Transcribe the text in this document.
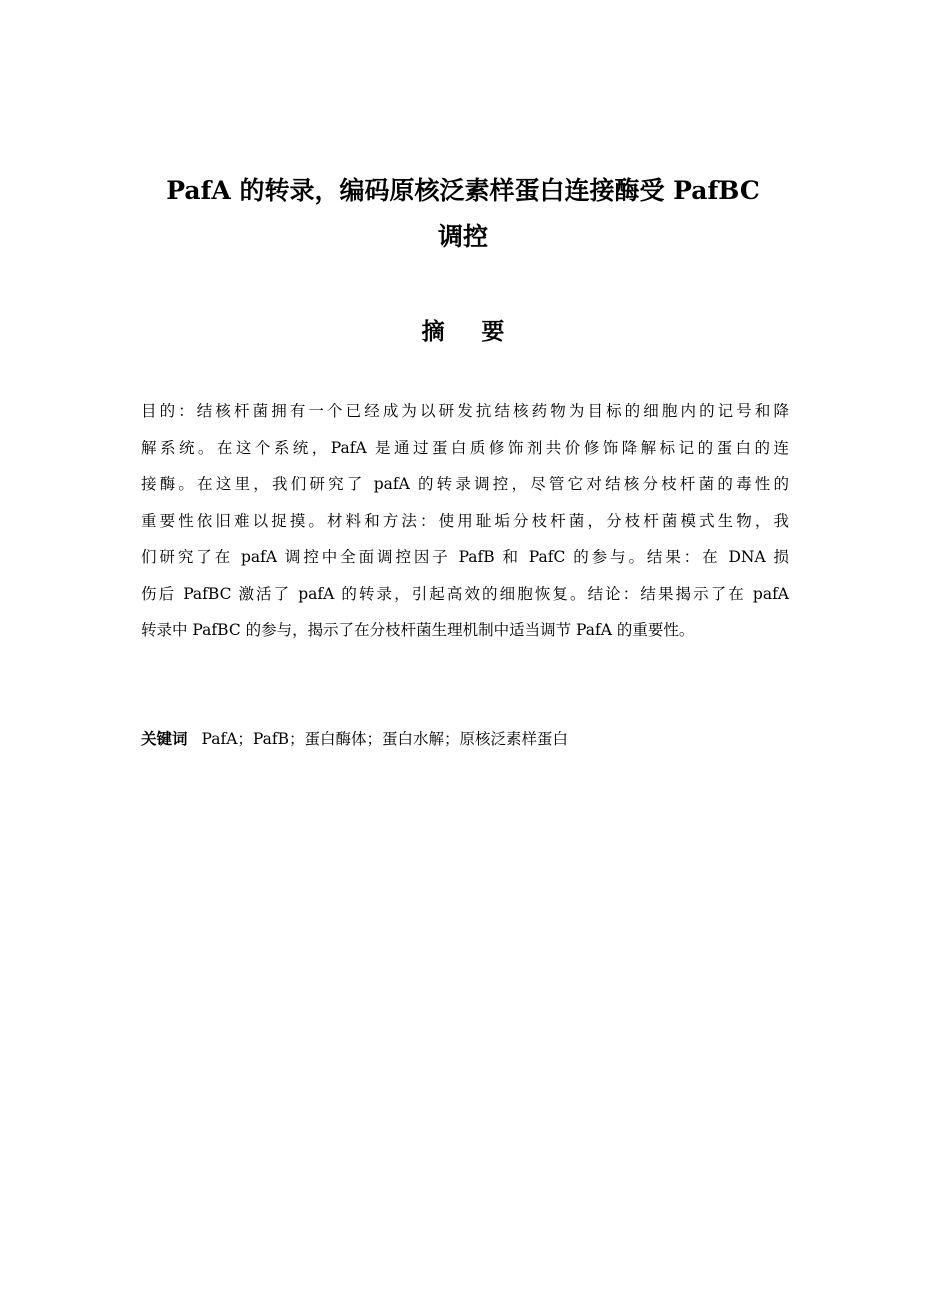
PafA 的转录，编码原核泛素样蛋白连接酶受 PafBC
调控
摘要

目的：结核杆菌拥有一个已经成为以研发抗结核药物为目标的细胞内的记号和降
解系统。在这个系统，PafA 是通过蛋白质修饰剂共价修饰降解标记的蛋白的连
接酶。在这里，我们研究了 pafA 的转录调控，尽管它对结核分枝杆菌的毒性的
重要性依旧难以捉摸。材料和方法：使用耻垢分枝杆菌，分枝杆菌模式生物，我
们研究了在 pafA 调控中全面调控因子 PafB 和 PafC 的参与。结果：在 DNA 损
伤后 PafBC 激活了 pafA 的转录，引起高效的细胞恢复。结论：结果揭示了在 pafA
转录中 PafBC 的参与，揭示了在分枝杆菌生理机制中适当调节 PafA 的重要性。

关键词 PafA；PafB；蛋白酶体；蛋白水解；原核泛素样蛋白
